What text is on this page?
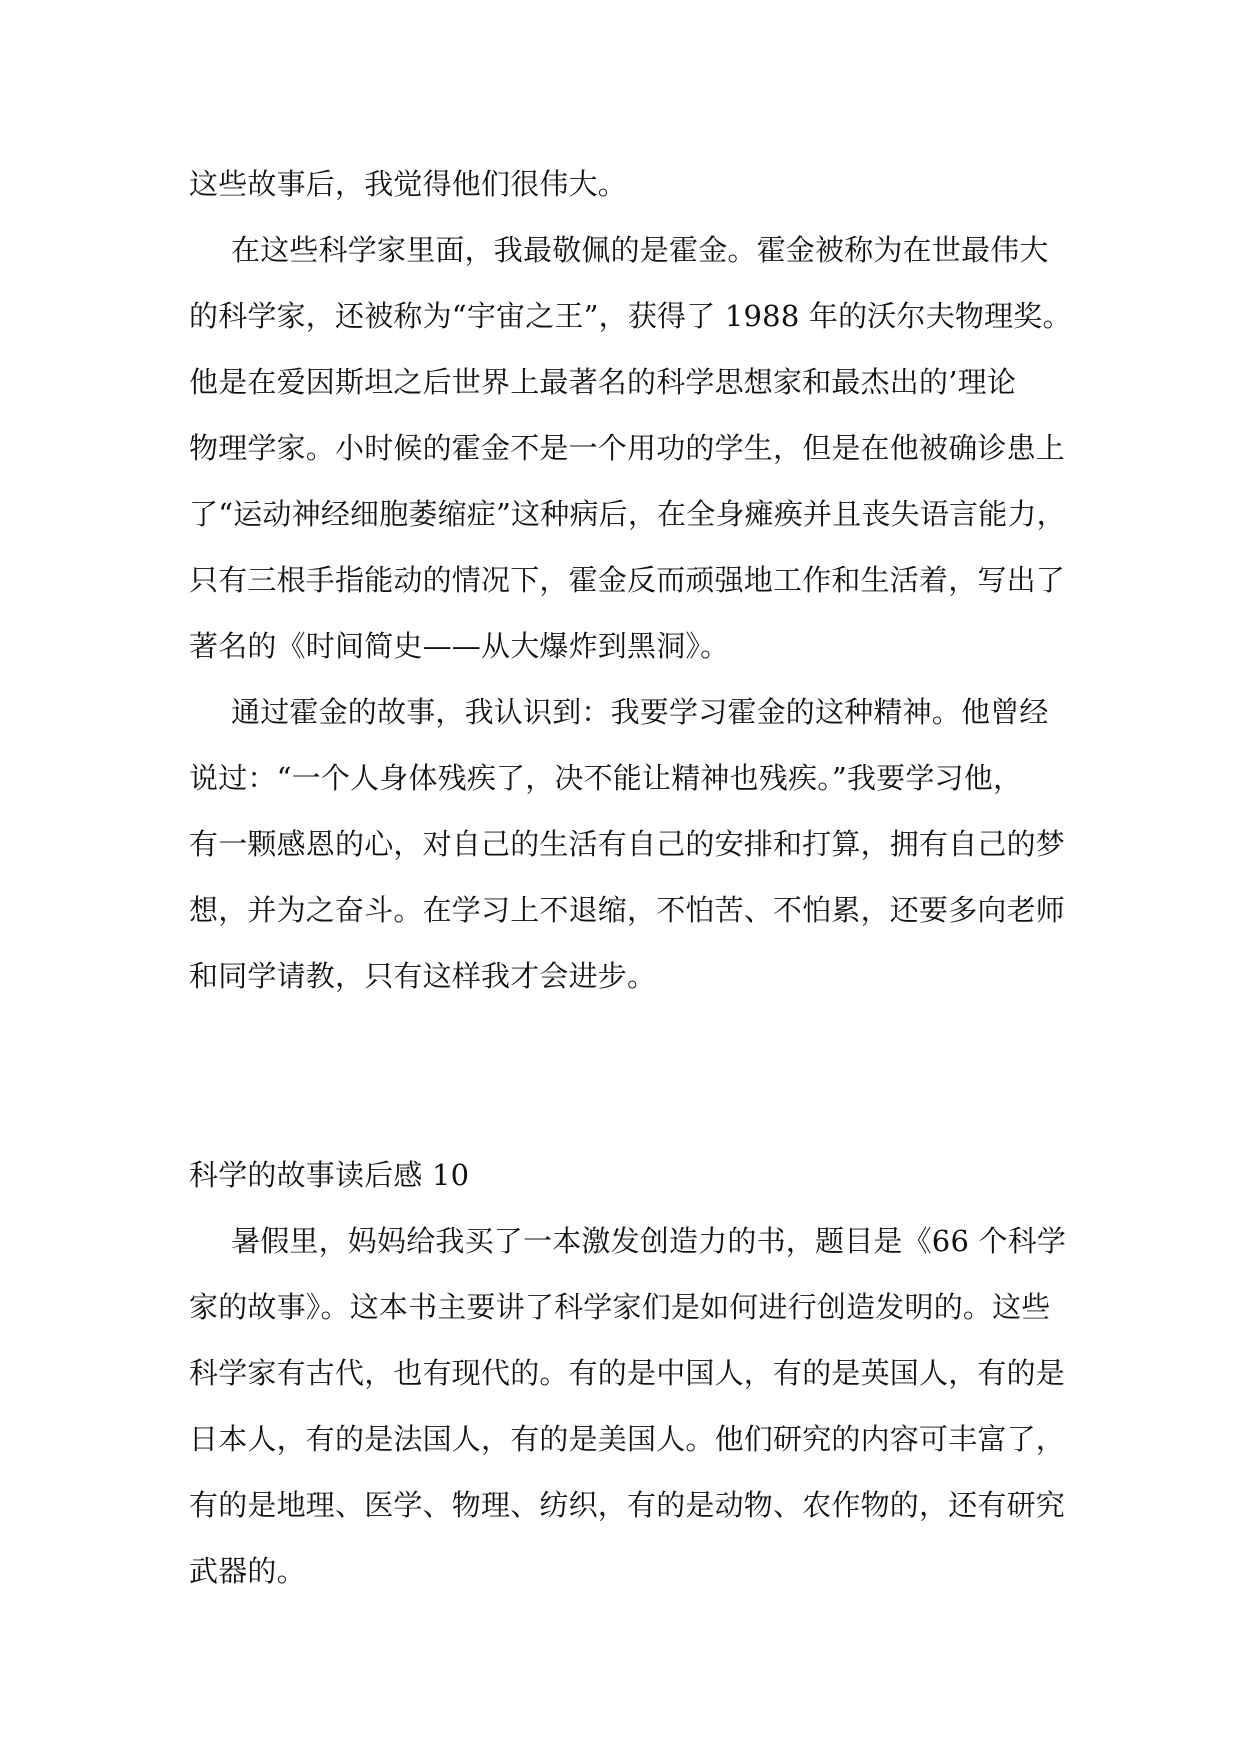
这些故事后，我觉得他们很伟大。
在这些科学家里面，我最敬佩的是霍金。霍金被称为在世最伟大
的科学家，还被称为“宇宙之王”，获得了 1988 年的沃尔夫物理奖。
他是在爱因斯坦之后世界上最著名的科学思想家和最杰出的’理论
物理学家。小时候的霍金不是一个用功的学生，但是在他被确诊患上
了“运动神经细胞萎缩症”这种病后，在全身瘫痪并且丧失语言能力，
只有三根手指能动的情况下，霍金反而顽强地工作和生活着，写出了
著名的《时间简史——从大爆炸到黑洞》。
通过霍金的故事，我认识到：我要学习霍金的这种精神。他曾经
说过：“一个人身体残疾了，决不能让精神也残疾。”我要学习他，
有一颗感恩的心，对自己的生活有自己的安排和打算，拥有自己的梦
想，并为之奋斗。在学习上不退缩，不怕苦、不怕累，还要多向老师
和同学请教，只有这样我才会进步。
科学的故事读后感 10
暑假里，妈妈给我买了一本激发创造力的书，题目是《66 个科学
家的故事》。这本书主要讲了科学家们是如何进行创造发明的。这些
科学家有古代，也有现代的。有的是中国人，有的是英国人，有的是
日本人，有的是法国人，有的是美国人。他们研究的内容可丰富了，
有的是地理、医学、物理、纺织，有的是动物、农作物的，还有研究
武器的。
